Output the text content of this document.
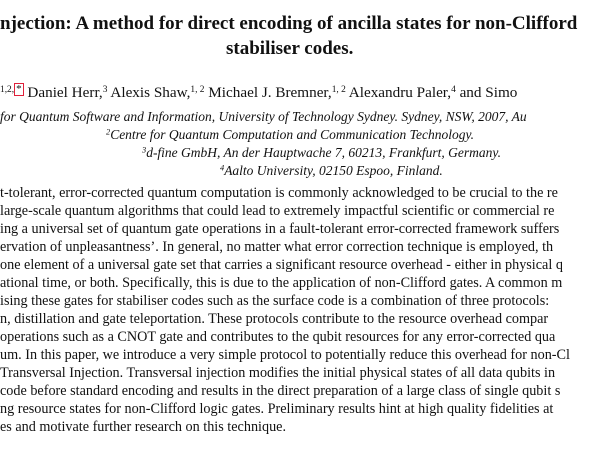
njection: A method for direct encoding of ancilla states for non-Clifford
stabiliser codes.
$^{1,2,}$ * Daniel Herr,$^3$ Alexis Shaw,$^{1, 2}$ Michael J. Bremner,$^{1, 2}$ Alexandru Paler,$^4$ and Simo
for Quantum Software and Information, University of Technology Sydney. Sydney, NSW, 2007, Au
$^2$Centre for Quantum Computation and Communication Technology.
$^3$d-fine GmbH, An der Hauptwache 7, 60213, Frankfurt, Germany.
$^4$Aalto University, 02150 Espoo, Finland.
t-tolerant, error-corrected quantum computation is commonly acknowledged to be crucial to the re
large-scale quantum algorithms that could lead to extremely impactful scientific or commercial re
ing a universal set of quantum gate operations in a fault-tolerant error-corrected framework suffers
ervation of unpleasantness’. In general, no matter what error correction technique is employed, th
one element of a universal gate set that carries a significant resource overhead - either in physical q
ational time, or both. Specifically, this is due to the application of non-Clifford gates. A common m
ising these gates for stabiliser codes such as the surface code is a combination of three protocols:
n, distillation and gate teleportation. These protocols contribute to the resource overhead compar
operations such as a CNOT gate and contributes to the qubit resources for any error-corrected qua
um. In this paper, we introduce a very simple protocol to potentially reduce this overhead for non-Cl
Transversal Injection. Transversal injection modifies the initial physical states of all data qubits in
code before standard encoding and results in the direct preparation of a large class of single qubit s
ng resource states for non-Clifford logic gates. Preliminary results hint at high quality fidelities at
es and motivate further research on this technique.
